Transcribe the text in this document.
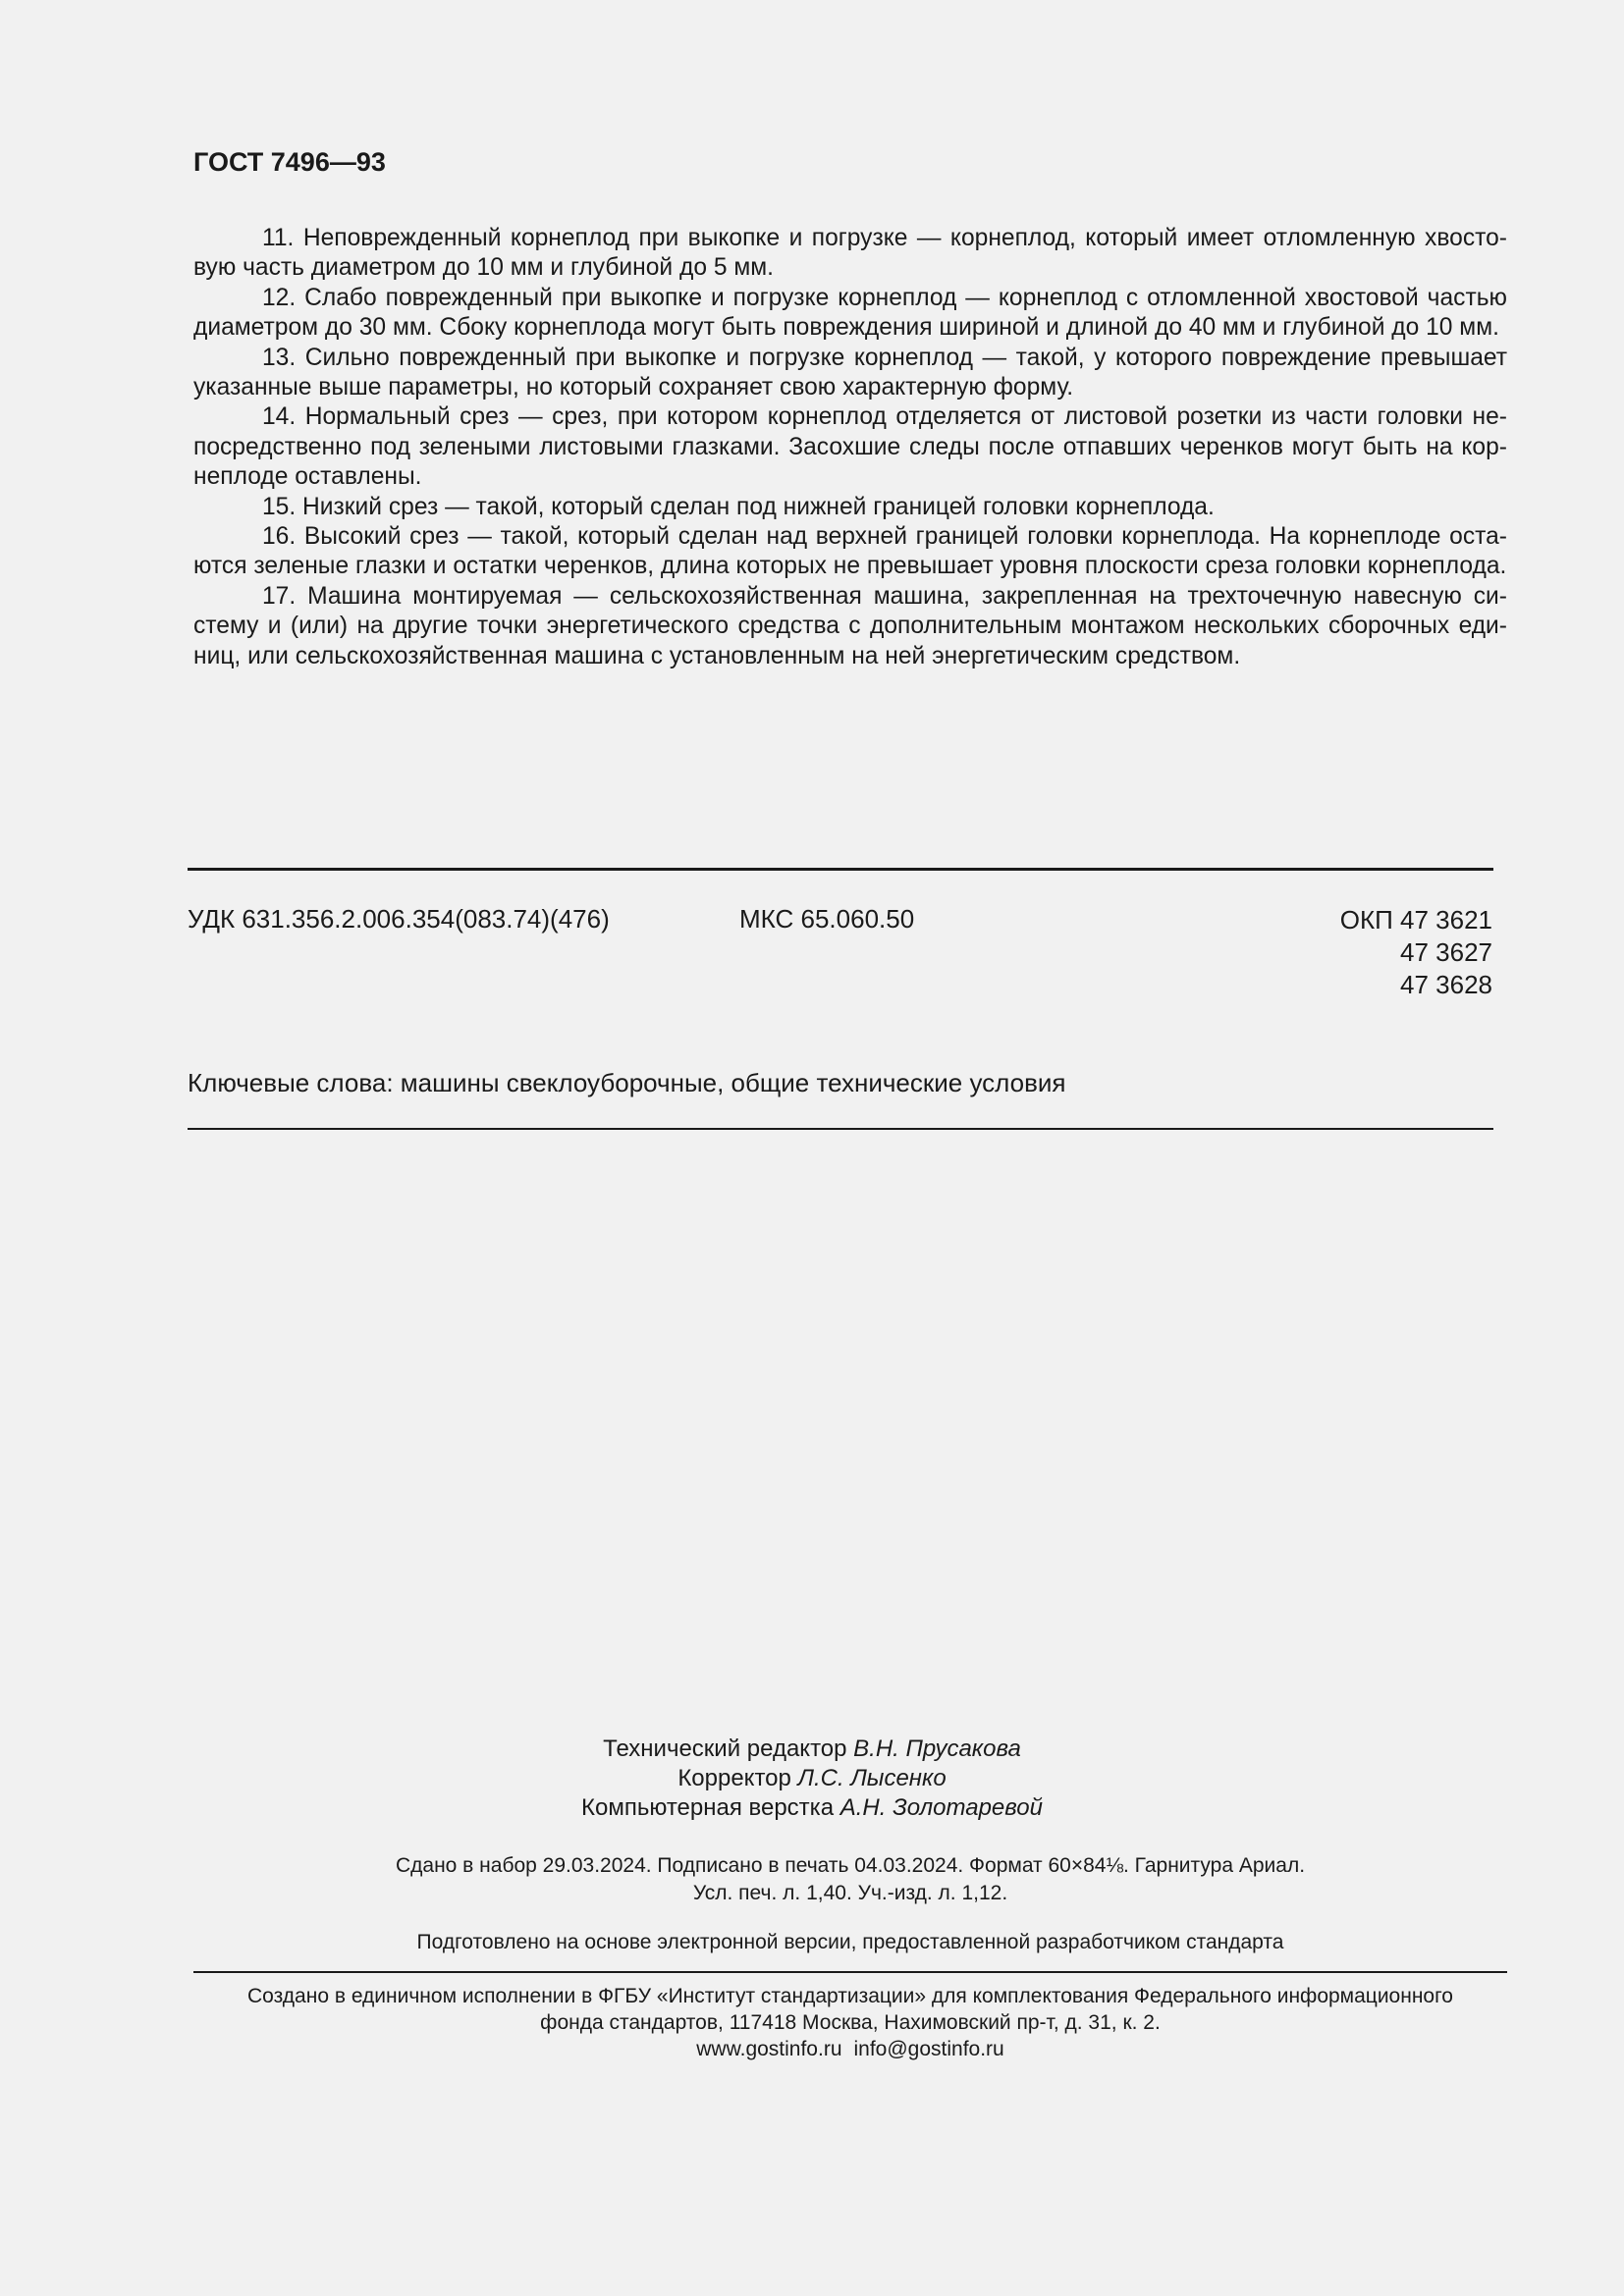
ГОСТ 7496—93

11. Неповрежденный корнеплод при выкопке и погрузке — корнеплод, который имеет отломленную хвостовую часть диаметром до 10 мм и глубиной до 5 мм.

12. Слабо поврежденный при выкопке и погрузке корнеплод — корнеплод с отломленной хвостовой частью диаметром до 30 мм. Сбоку корнеплода могут быть повреждения шириной и длиной до 40 мм и глубиной до 10 мм.

13. Сильно поврежденный при выкопке и погрузке корнеплод — такой, у которого повреждение превышает указанные выше параметры, но который сохраняет свою характерную форму.

14. Нормальный срез — срез, при котором корнеплод отделяется от листовой розетки из части головки непосредственно под зелеными листовыми глазками. Засохшие следы после отпавших черенков могут быть на корнеплоде оставлены.

15. Низкий срез — такой, который сделан под нижней границей головки корнеплода.

16. Высокий срез — такой, который сделан над верхней границей головки корнеплода. На корнеплоде остаются зеленые глазки и остатки черенков, длина которых не превышает уровня плоскости среза головки корнеплода.

17. Машина монтируемая — сельскохозяйственная машина, закрепленная на трехточечную навесную систему и (или) на другие точки энергетического средства с дополнительным монтажом нескольких сборочных единиц, или сельскохозяйственная машина с установленным на ней энергетическим средством.

УДК 631.356.2.006.354(083.74)(476)	МКС 65.060.50	ОКП 47 3621
47 3627
47 3628
Ключевые слова: машины свеклоуборочные, общие технические условия
Технический редактор В.Н. Прусакова
Корректор Л.С. Лысенко
Компьютерная верстка А.Н. Золотаревой
Сдано в набор 29.03.2024. Подписано в печать 04.03.2024. Формат 60×84⅛. Гарнитура Ариал.
Усл. печ. л. 1,40. Уч.-изд. л. 1,12.
Подготовлено на основе электронной версии, предоставленной разработчиком стандарта
Создано в единичном исполнении в ФГБУ «Институт стандартизации» для комплектования Федерального информационного
фонда стандартов, 117418 Москва, Нахимовский пр-т, д. 31, к. 2.
www.gostinfo.ru info@gostinfo.ru
